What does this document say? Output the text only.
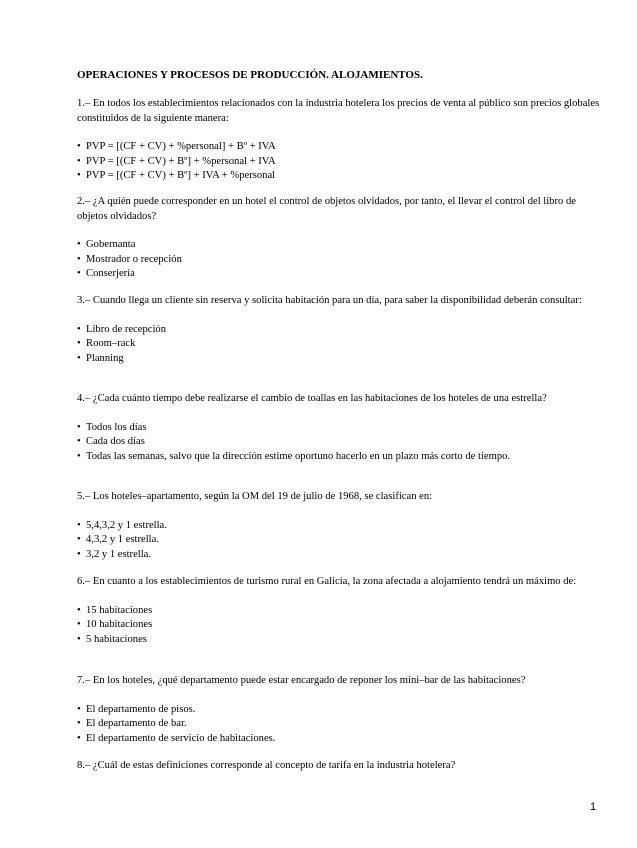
OPERACIONES Y PROCESOS DE PRODUCCIÓN. ALOJAMIENTOS.

1.– En todos los establecimientos relacionados con la industria hotelera los precios de venta al público son precios globales constituidos de la siguiente manera:

• PVP = [(CF + CV) + %personal] + Bº + IVA
• PVP = [(CF + CV) + Bº] + %personal + IVA
• PVP = [(CF + CV) + Bº] + IVA + %personal

2.– ¿A quién puede corresponder en un hotel el control de objetos olvidados, por tanto, el llevar el control del libro de objetos olvidados?

• Gobernanta
• Mostrador o recepción
• Conserjería

3.– Cuando llega un cliente sin reserva y solicita habitación para un día, para saber la disponibilidad deberán consultar:

• Libro de recepción
• Room–rack
• Planning

4.– ¿Cada cuánto tiempo debe realizarse el cambio de toallas en las habitaciones de los hoteles de una estrella?

• Todos los días
• Cada dos días
• Todas las semanas, salvo que la dirección estime oportuno hacerlo en un plazo más corto de tiempo.

5.– Los hoteles–apartamento, según la OM del 19 de julio de 1968, se clasifican en:

• 5,4,3,2 y 1 estrella.
• 4,3,2 y 1 estrella.
• 3,2 y 1 estrella.

6.– En cuanto a los establecimientos de turismo rural en Galicia, la zona afectada a alojamiento tendrá un máximo de:

• 15 habitaciones
• 10 habitaciones
• 5 habitaciones

7.– En los hoteles, ¿qué departamento puede estar encargado de reponer los mini–bar de las habitaciones?

• El departamento de pisos.
• El departamento de bar.
• El departamento de servicio de habitaciones.

8.– ¿Cuál de estas definiciones corresponde al concepto de tarifa en la industria hotelera?

1
